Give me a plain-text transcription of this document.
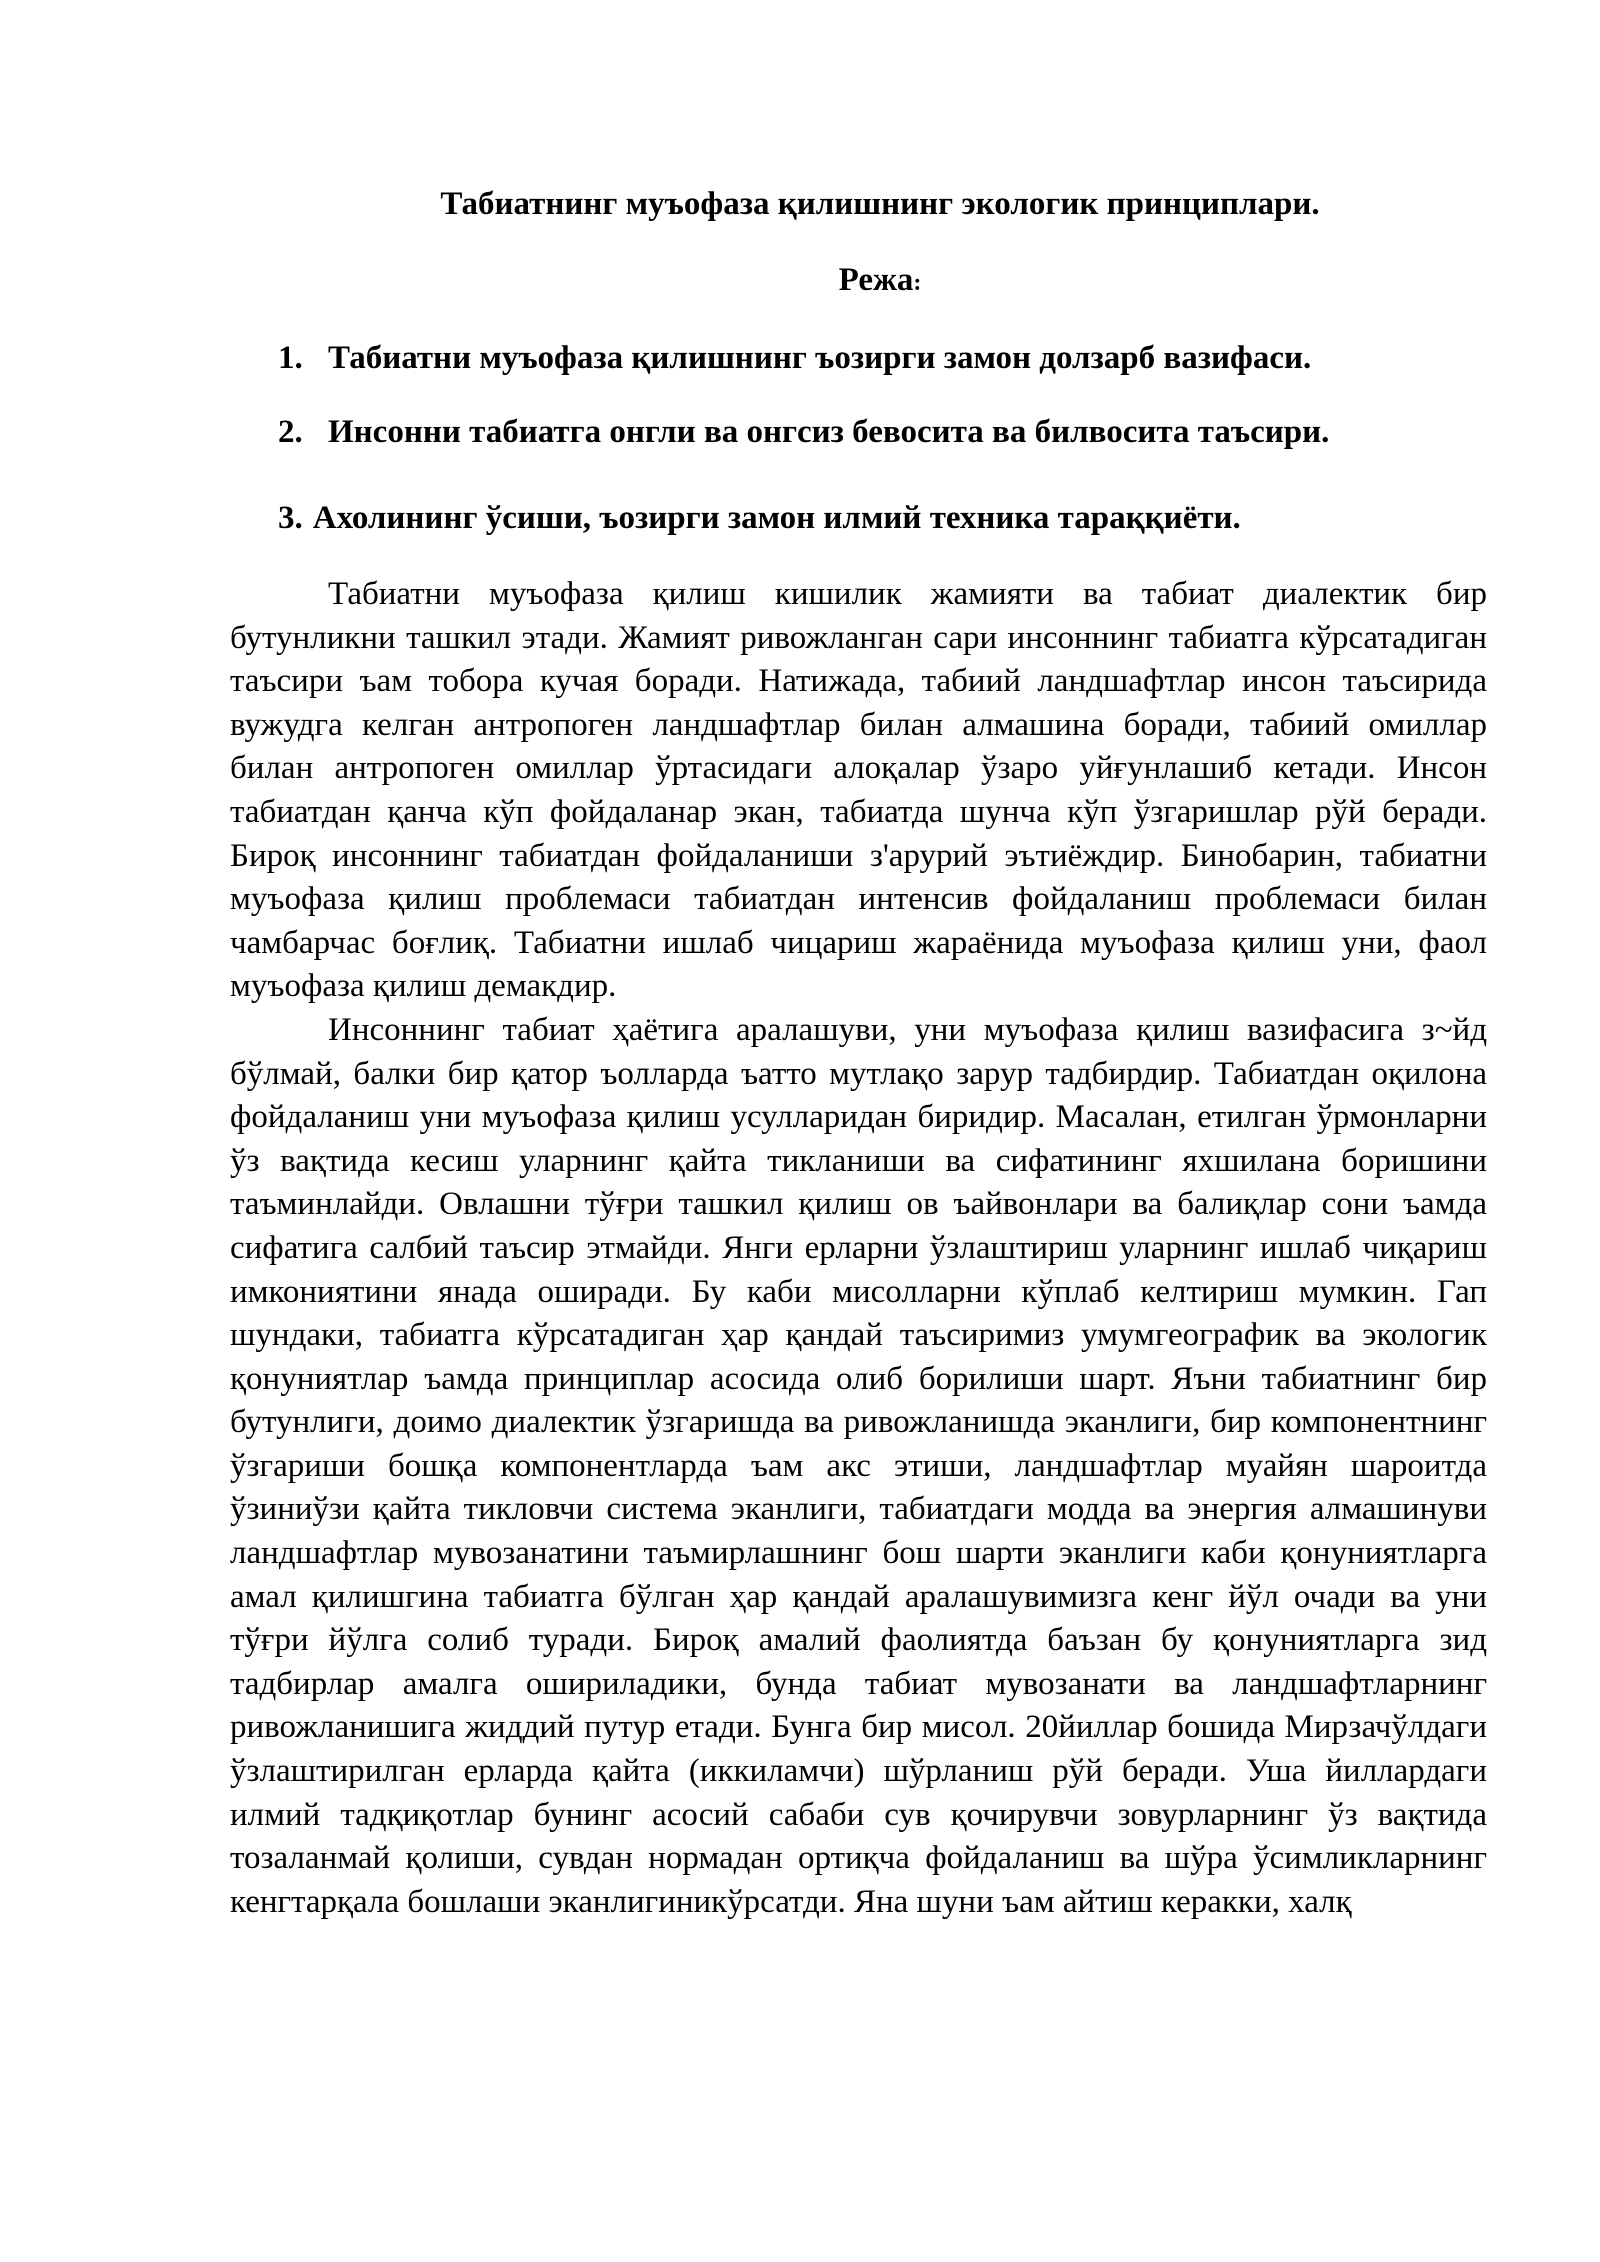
Табиатнинг муъофаза қилишнинг экологик принциплари.
Режа:
1. Табиатни муъофаза қилишнинг ъозирги замон долзарб вазифаси.
2. Инсонни табиатга онгли ва онгсиз бевосита ва билвосита таъсири.
3. Ахолининг ўсиши, ъозирги замон илмий техника тараққиёти.

Табиатни муъофаза қилиш кишилик жамияти ва табиат диалектик бир бутунликни ташкил этади. Жамият ривожланган сари инсоннинг табиатга кўрсатадиган таъсири ъам тобора кучая боради. Натижада, табиий ландшафтлар инсон таъсирида вужудга келган антропоген ландшафтлар билан алмашина боради, табиий омиллар билан антропоген омиллар ўртасидаги алоқалар ўзаро уйғунлашиб кетади. Инсон табиатдан қанча кўп фойдаланар экан, табиатда шунча кўп ўзгаришлар рўй беради. Бироқ инсоннинг табиатдан фойдаланиши з'арурий эътиёждир. Бинобарин, табиатни муъофаза қилиш проблемаси табиатдан интенсив фойдаланиш проблемаси билан чамбарчас боғлиқ. Табиатни ишлаб чицариш жараёнида муъофаза қилиш уни, фаол муъофаза қилиш демакдир.

Инсоннинг табиат ҳаётига аралашуви, уни муъофаза қилиш вазифасига з~йд бўлмай, балки бир қатор ъолларда ъатто мутлақо зарур тадбирдир. Табиатдан оқилона фойдаланиш уни муъофаза қилиш усулларидан биридир. Масалан, етилган ўрмонларни ўз вақтида кесиш уларнинг қайта тикланиши ва сифатининг яхшилана боришини таъминлайди. Овлашни тўғри ташкил қилиш ов ъайвонлари ва балиқлар сони ъамда сифатига салбий таъсир этмайди. Янги ерларни ўзлаштириш уларнинг ишлаб чиқариш имкониятини янада оширади. Бу каби мисолларни кўплаб келтириш мумкин. Гап шундаки, табиатга кўрсатадиган ҳар қандай таъсиримиз умумгеографик ва экологик қонуниятлар ъамда принциплар асосида олиб борилиши шарт. Яъни табиатнинг бир бутунлиги, доимо диалектик ўзгаришда ва ривожланишда эканлиги, бир компонентнинг ўзгариши бошқа компонентларда ъам акс этиши, ландшафтлар муайян шароитда ўзиниўзи қайта тикловчи система эканлиги, табиатдаги модда ва энергия алмашинуви ландшафтлар мувозанатини таъмирлашнинг бош шарти эканлиги каби қонуниятларга амал қилишгина табиатга бўлган ҳар қандай аралашувимизга кенг йўл очади ва уни тўғри йўлга солиб туради. Бироқ амалий фаолиятда баъзан бу қонуниятларга зид тадбирлар амалга ошириладики, бунда табиат мувозанати ва ландшафтларнинг ривожланишига жиддий путур етади. Бунга бир мисол. 20йиллар бошида Мирзачўлдаги ўзлаштирилган ерларда қайта (иккиламчи) шўрланиш рўй беради. Уша йиллардаги илмий тадқиқотлар бунинг асосий сабаби сув қочирувчи зовурларнинг ўз вақтида тозаланмай қолиши, сувдан нормадан ортиқча фойдаланиш ва шўра ўсимликларнинг кенгтарқала бошлаши эканлигиникўрсатди. Яна шуни ъам айтиш керакки, халқ
